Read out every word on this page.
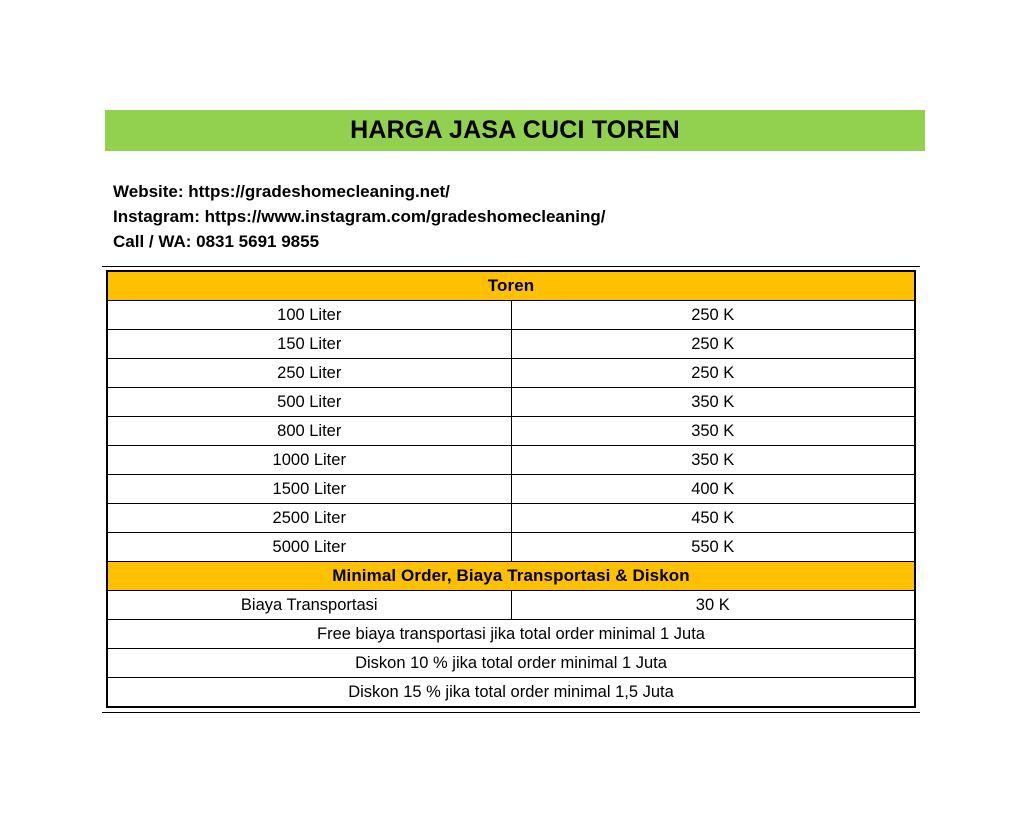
HARGA JASA CUCI TOREN
Website: https://gradeshomecleaning.net/
Instagram: https://www.instagram.com/gradeshomecleaning/
Call / WA: 0831 5691 9855
Toren	
100 Liter	250 K
150 Liter	250 K
250 Liter	250 K
500 Liter	350 K
800 Liter	350 K
1000 Liter	350 K
1500 Liter	400 K
2500 Liter	450 K
5000 Liter	550 K
Minimal Order, Biaya Transportasi & Diskon	
Biaya Transportasi	30 K
Free biaya transportasi jika total order minimal 1 Juta	
Diskon 10 % jika total order minimal 1 Juta	
Diskon 15 % jika total order minimal 1,5 Juta	
